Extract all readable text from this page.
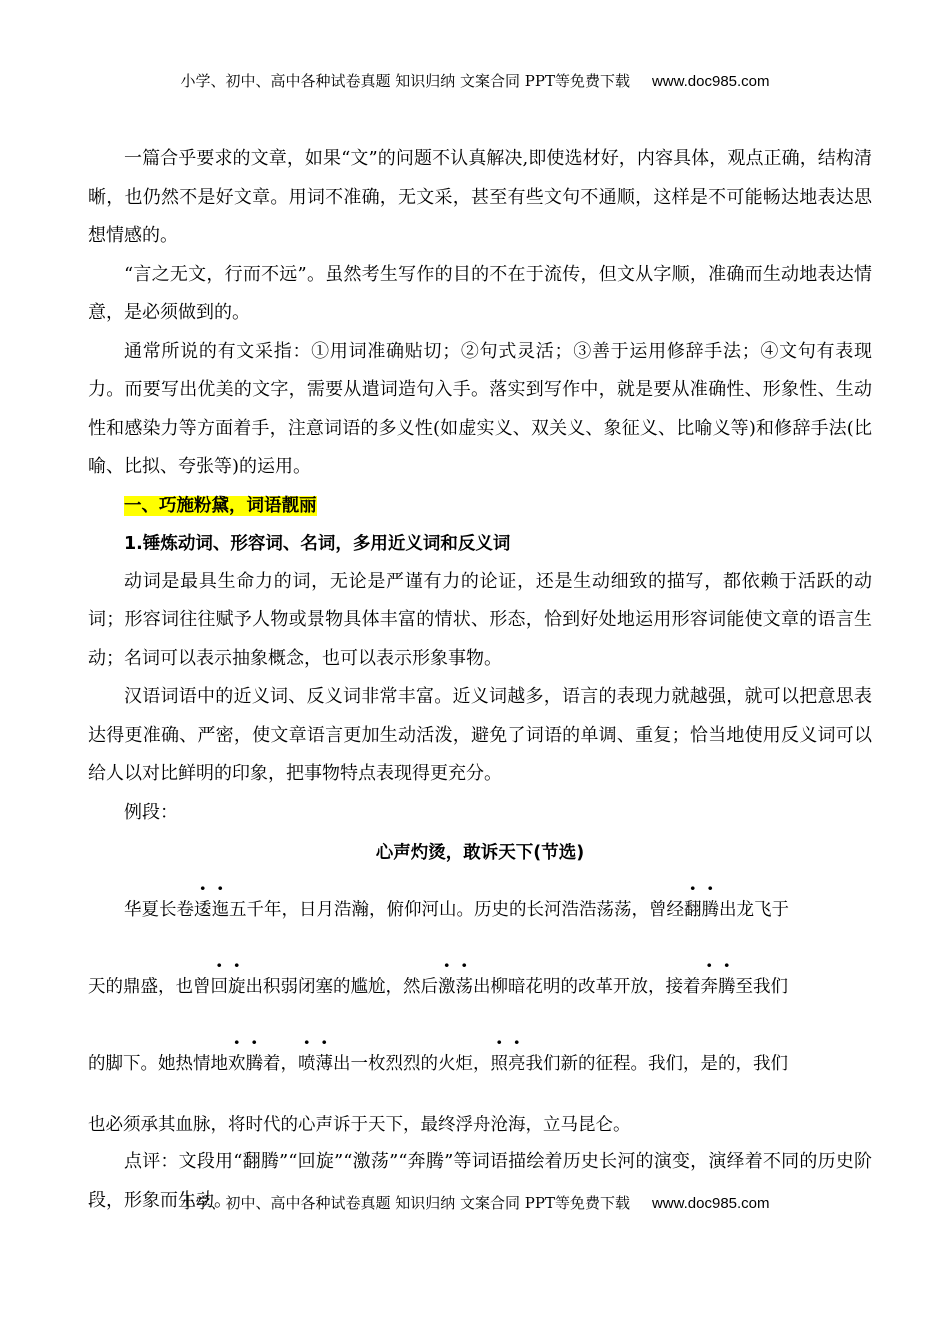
小学、初中、高中各种试卷真题 知识归纳 文案合同 PPT等免费下载 www.doc985.com

一篇合乎要求的文章，如果“文”的问题不认真解决,即使选材好，内容具体，观点正确，结构清晰，也仍然不是好文章。用词不准确，无文采，甚至有些文句不通顺，这样是不可能畅达地表达思想情感的。

“言之无文，行而不远”。虽然考生写作的目的不在于流传，但文从字顺，准确而生动地表达情意，是必须做到的。

通常所说的有文采指：①用词准确贴切；②句式灵活；③善于运用修辞手法；④文句有表现力。而要写出优美的文字，需要从遣词造句入手。落实到写作中，就是要从准确性、形象性、生动性和感染力等方面着手，注意词语的多义性(如虚实义、双关义、象征义、比喻义等)和修辞手法(比喻、比拟、夸张等)的运用。

一、巧施粉黛，词语靓丽

1.锤炼动词、形容词、名词，多用近义词和反义词

动词是最具生命力的词，无论是严谨有力的论证，还是生动细致的描写，都依赖于活跃的动词；形容词往往赋予人物或景物具体丰富的情状、形态，恰到好处地运用形容词能使文章的语言生动；名词可以表示抽象概念，也可以表示形象事物。

汉语词语中的近义词、反义词非常丰富。近义词越多，语言的表现力就越强，就可以把意思表达得更准确、严密，使文章语言更加生动活泼，避免了词语的单调、重复；恰当地使用反义词可以给人以对比鲜明的印象，把事物特点表现得更充分。

例段：

心声灼烫，敢诉天下(节选)

华夏长卷逶迤五千年，日月浩瀚，俯仰河山。历史的长河浩浩荡荡，曾经翻腾出龙飞于
天的鼎盛，也曾回旋出积弱闭塞的尴尬，然后激荡出柳暗花明的改革开放，接着奔腾至我们
的脚下。她热情地欢腾着，喷薄出一枚烈烈的火炬，照亮我们新的征程。我们，是的，我们
也必须承其血脉，将时代的心声诉于天下，最终浮舟沧海，立马昆仑。

点评：文段用“翻腾”“回旋”“激荡”“奔腾”等词语描绘着历史长河的演变，演绎着不同的历史阶段，形象而生动。

小学、初中、高中各种试卷真题 知识归纳 文案合同 PPT等免费下载 www.doc985.com
